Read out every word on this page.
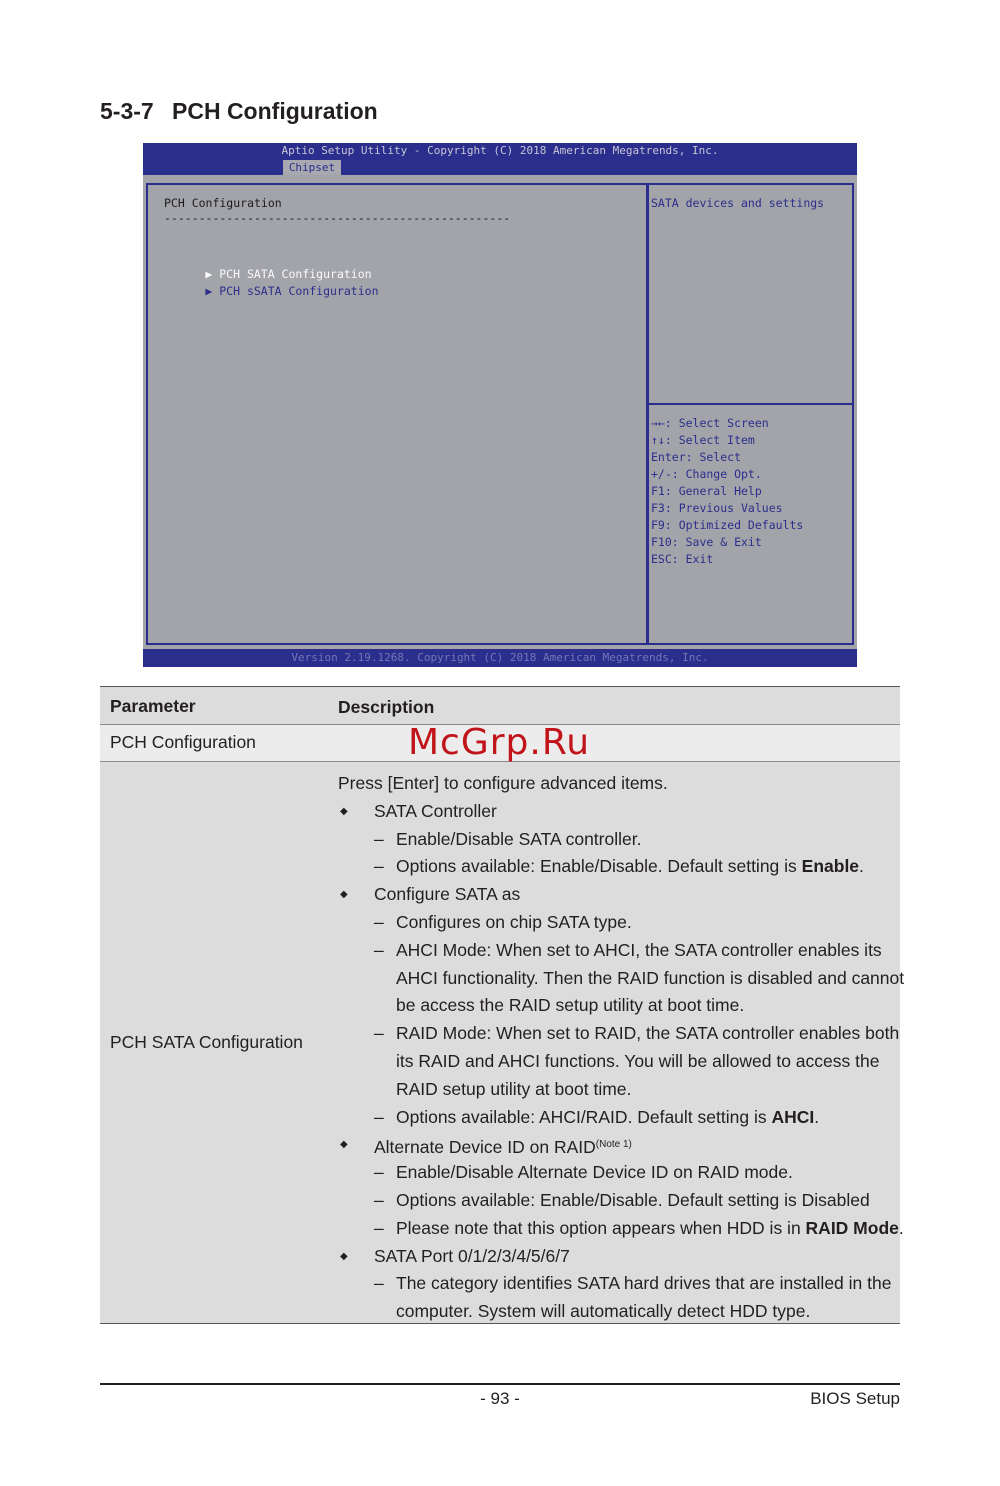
5-3-7 PCH Configuration
Aptio Setup Utility - Copyright (C) 2018 American Megatrends, Inc.
Chipset
PCH Configuration
--------------------------------------------------

▶ PCH SATA Configuration

▶ PCH sSATA Configuration

SATA devices and settings
→←: Select Screen
↑↓: Select Item
Enter: Select
+/-: Change Opt.
F1: General Help
F3: Previous Values
F9: Optimized Defaults
F10: Save & Exit
ESC: Exit
Version 2.19.1268. Copyright (C) 2018 American Megatrends, Inc.
Parameter	Description
PCH Configuration
PCH SATA Configuration
Press [Enter] to configure advanced items.
◆ SATA Controller
– Enable/Disable SATA controller.
– Options available: Enable/Disable. Default setting is Enable.
◆ Configure SATA as
– Configures on chip SATA type.
– AHCI Mode: When set to AHCI, the SATA controller enables its
AHCI functionality. Then the RAID function is disabled and cannot
be access the RAID setup utility at boot time.
– RAID Mode: When set to RAID, the SATA controller enables both
its RAID and AHCI functions. You will be allowed to access the
RAID setup utility at boot time.
– Options available: AHCI/RAID. Default setting is AHCI.
◆ Alternate Device ID on $RAID^{(Note 1)}$
– Enable/Disable Alternate Device ID on RAID mode.
– Options available: Enable/Disable. Default setting is Disabled
– Please note that this option appears when HDD is in RAID Mode.
◆ SATA Port 0/1/2/3/4/5/6/7
– The category identifies SATA hard drives that are installed in the
computer. System will automatically detect HDD type.
McGrp.Ru
- 93 -	BIOS Setup
